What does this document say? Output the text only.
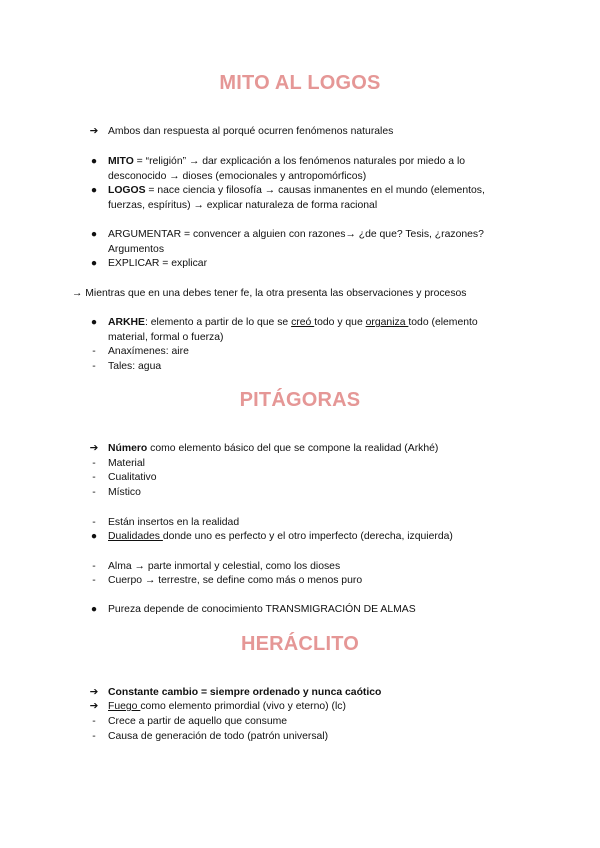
MITO AL LOGOS
➔ Ambos dan respuesta al porqué ocurren fenómenos naturales
●	MITO = “religión” → dar explicación a los fenómenos naturales por miedo a lo
desconocido → dioses (emocionales y antropomórficos)
●	LOGOS = nace ciencia y filosofía → causas inmanentes en el mundo (elementos,
fuerzas, espíritus) → explicar naturaleza de forma racional
●	ARGUMENTAR = convencer a alguien con razones→ ¿de que? Tesis, ¿razones?
Argumentos
●	EXPLICAR = explicar
→ Mientras que en una debes tener fe, la otra presenta las observaciones y procesos
●	ARKHE: elemento a partir de lo que se creó todo y que organiza todo (elemento
material, formal o fuerza)
-	Anaxímenes: aire
-	Tales: agua
PITÁGORAS
➔ Número como elemento básico del que se compone la realidad (Arkhé)
-	Material
-	Cualitativo
-	Místico
-	Están insertos en la realidad
●	Dualidades donde uno es perfecto y el otro imperfecto (derecha, izquierda)
-	Alma → parte inmortal y celestial, como los dioses
-	Cuerpo → terrestre, se define como más o menos puro
●	Pureza depende de conocimiento TRANSMIGRACIÓN DE ALMAS
HERÁCLITO
➔ Constante cambio = siempre ordenado y nunca caótico
➔ Fuego como elemento primordial (vivo y eterno) (lc)
-	Crece a partir de aquello que consume
-	Causa de generación de todo (patrón universal)
